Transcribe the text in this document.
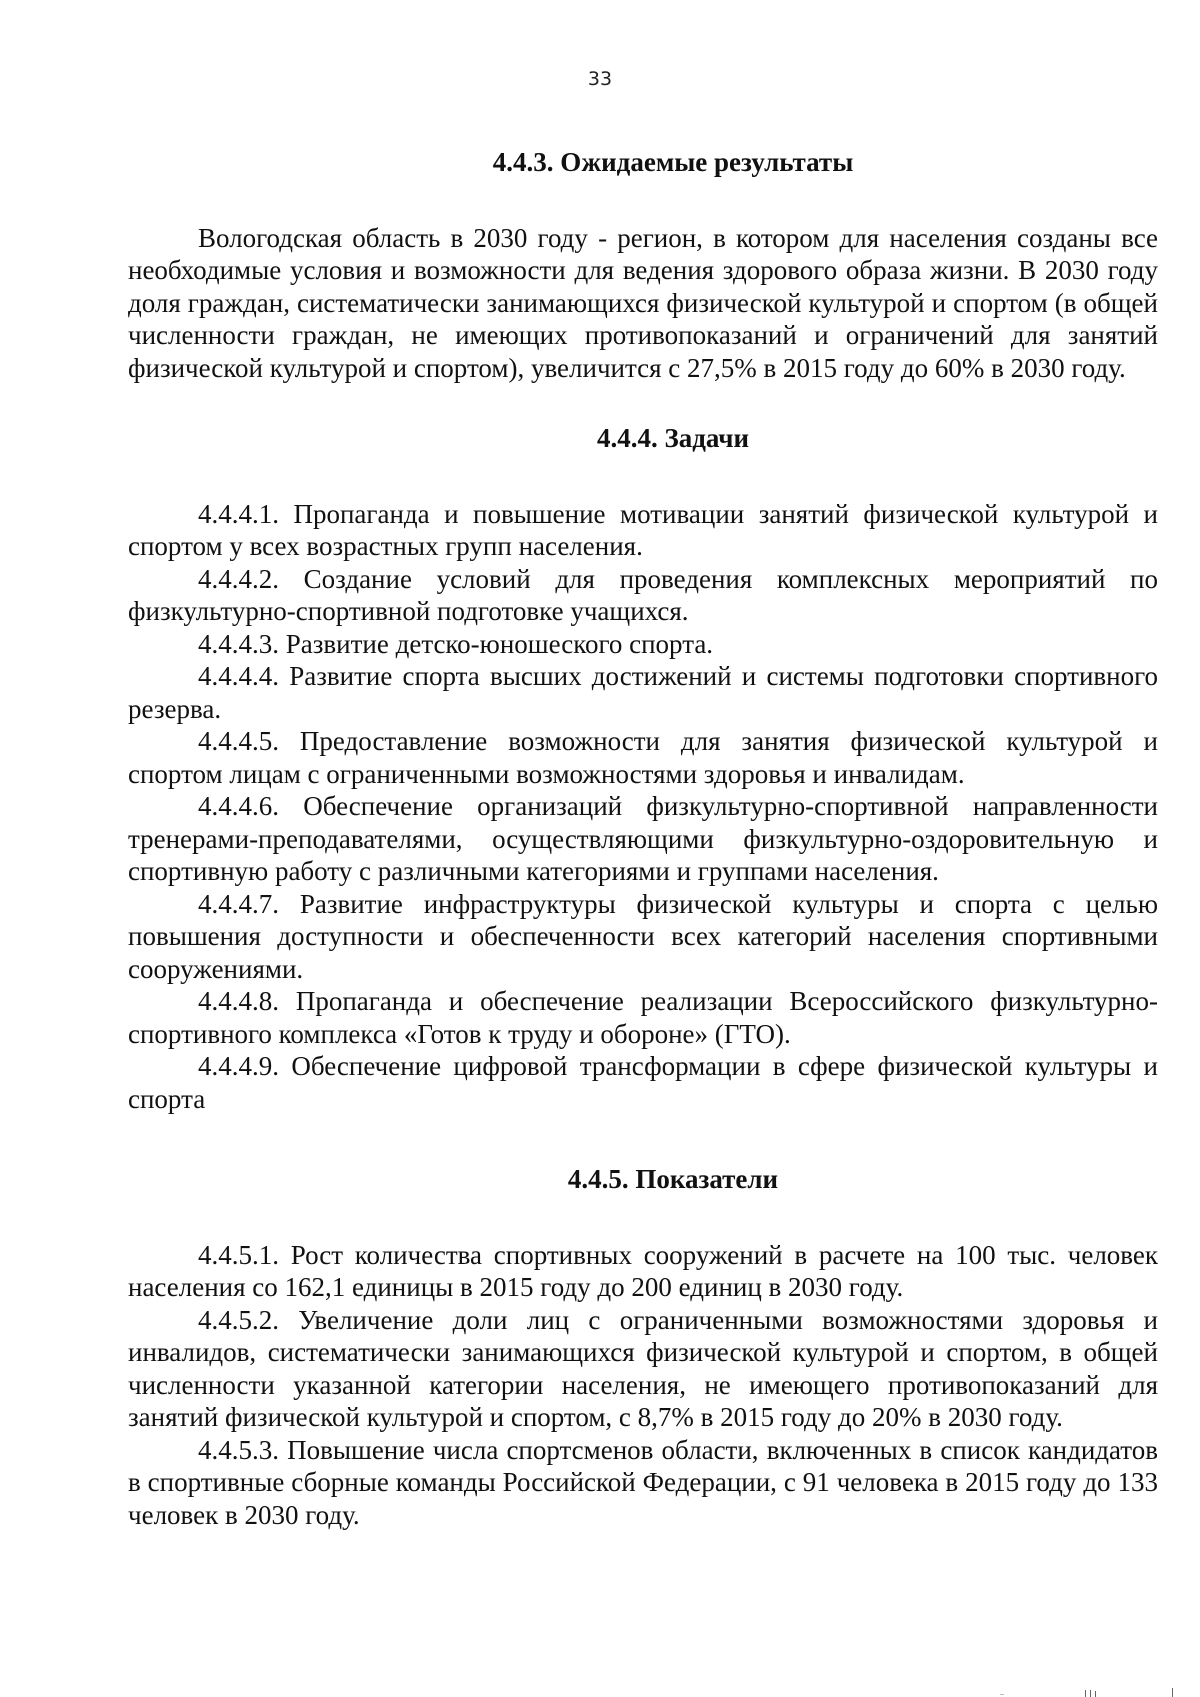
33
4.4.3. Ожидаемые результаты

Вологодская область в 2030 году - регион, в котором для населения созданы все необходимые условия и возможности для ведения здорового образа жизни. В 2030 году доля граждан, систематически занимающихся физической культурой и спортом (в общей численности граждан, не имеющих противопоказаний и ограничений для занятий физической культурой и спортом), увеличится с 27,5% в 2015 году до 60% в 2030 году.

4.4.4. Задачи

4.4.4.1. Пропаганда и повышение мотивации занятий физической культурой и спортом у всех возрастных групп населения.

4.4.4.2. Создание условий для проведения комплексных мероприятий по физкультурно-спортивной подготовке учащихся.

4.4.4.3. Развитие детско-юношеского спорта.

4.4.4.4. Развитие спорта высших достижений и системы подготовки спортивного резерва.

4.4.4.5. Предоставление возможности для занятия физической культурой и спортом лицам с ограниченными возможностями здоровья и инвалидам.

4.4.4.6. Обеспечение организаций физкультурно-спортивной направленности тренерами-преподавателями, осуществляющими физкультурно-оздоровительную и спортивную работу с различными категориями и группами населения.

4.4.4.7. Развитие инфраструктуры физической культуры и спорта с целью повышения доступности и обеспеченности всех категорий населения спортивными сооружениями.

4.4.4.8. Пропаганда и обеспечение реализации Всероссийского физкультурно-спортивного комплекса «Готов к труду и обороне» (ГТО).

4.4.4.9. Обеспечение цифровой трансформации в сфере физической культуры и спорта

4.4.5. Показатели

4.4.5.1. Рост количества спортивных сооружений в расчете на 100 тыс. человек населения со 162,1 единицы в 2015 году до 200 единиц в 2030 году.

4.4.5.2. Увеличение доли лиц с ограниченными возможностями здоровья и инвалидов, систематически занимающихся физической культурой и спортом, в общей численности указанной категории населения, не имеющего противопоказаний для занятий физической культурой и спортом, с 8,7% в 2015 году до 20% в 2030 году.

4.4.5.3. Повышение числа спортсменов области, включенных в список кандидатов в спортивные сборные команды Российской Федерации, с 91 человека в 2015 году до 133 человек в 2030 году.
